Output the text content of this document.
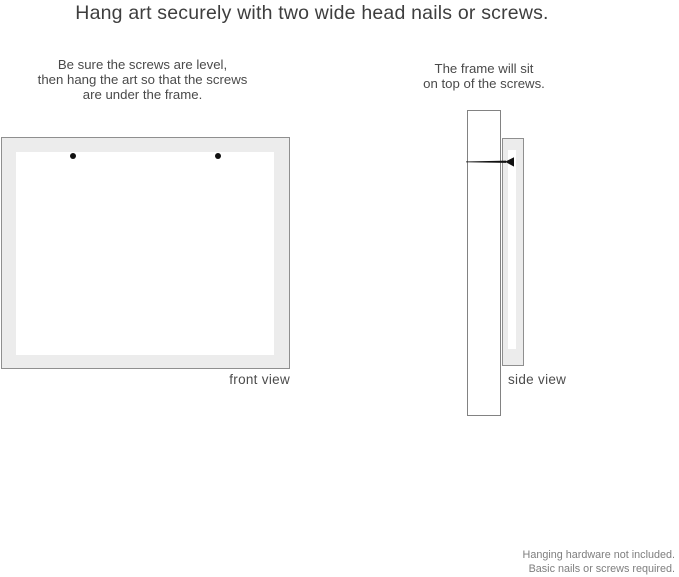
Hang art securely with two wide head nails or screws.
Be sure the screws are level,
then hang the art so that the screws
are under the frame.
The frame will sit
on top of the screws.
front view	side view
Hanging hardware not included.
Basic nails or screws required.
